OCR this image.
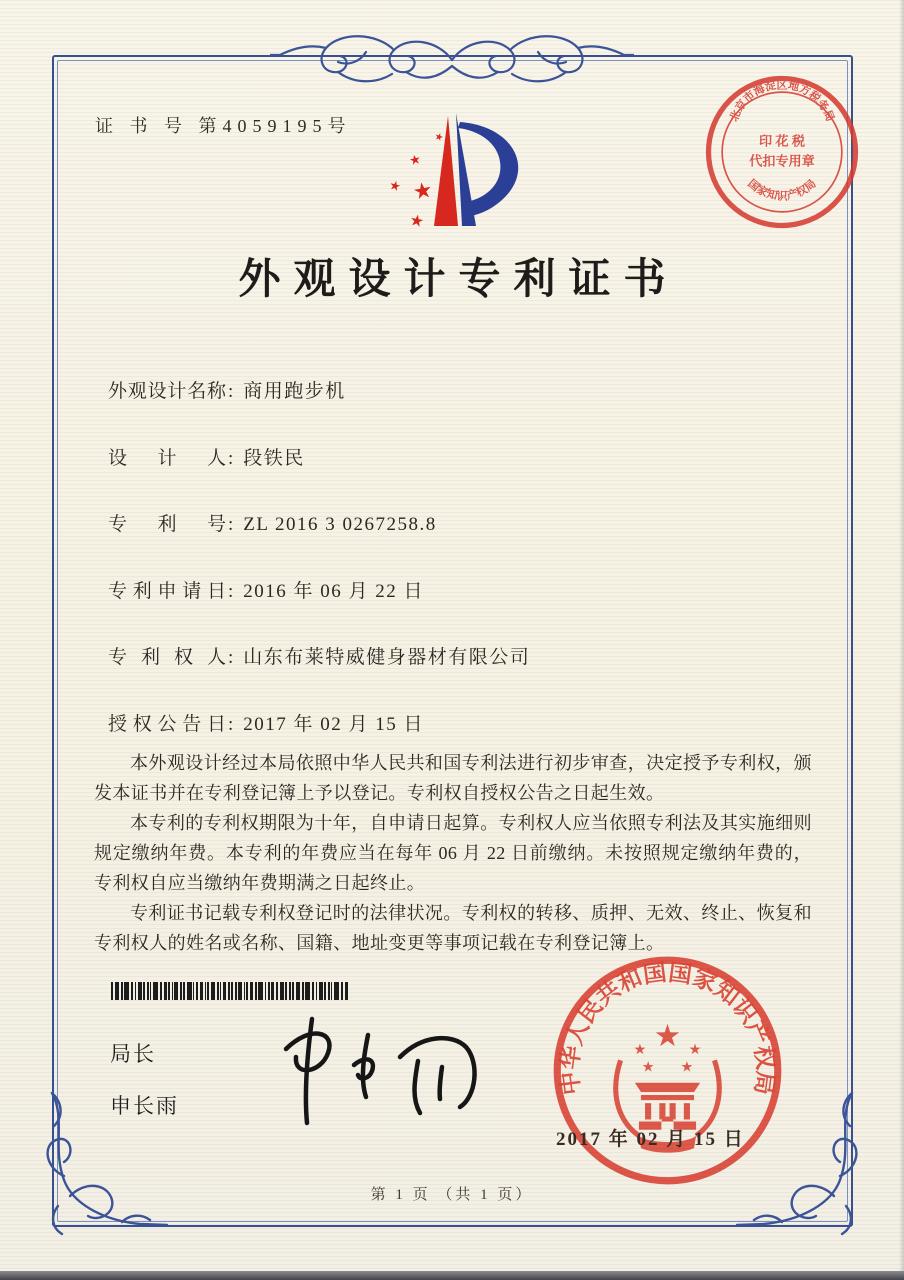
证 书 号 第4059195号
★
★
★ ★
★
北京市海淀区地方税务局
国家知识产权局
印 花 税
代扣专用章
外观设计专利证书
外观设计名称 : 商用跑步机
设计人 : 段铁民
专利号 : ZL 2016 3 0267258.8
专利申请日 : 2016 年 06 月 22 日
专利权人 : 山东布莱特威健身器材有限公司
授权公告日 : 2017 年 02 月 15 日

本外观设计经过本局依照中华人民共和国专利法进行初步审查，决定授予专利权，颁发本证书并在专利登记簿上予以登记。专利权自授权公告之日起生效。

本专利的专利权期限为十年，自申请日起算。专利权人应当依照专利法及其实施细则规定缴纳年费。本专利的年费应当在每年 06 月 22 日前缴纳。未按照规定缴纳年费的，专利权自应当缴纳年费期满之日起终止。

专利证书记载专利权登记时的法律状况。专利权的转移、质押、无效、终止、恢复和专利权人的姓名或名称、国籍、地址变更等事项记载在专利登记簿上。

局长
申长雨
中华人民共和国国家知识产权局
★
★	★
★ ★
2017 年 02 月 15 日
第 1 页 （共 1 页）
